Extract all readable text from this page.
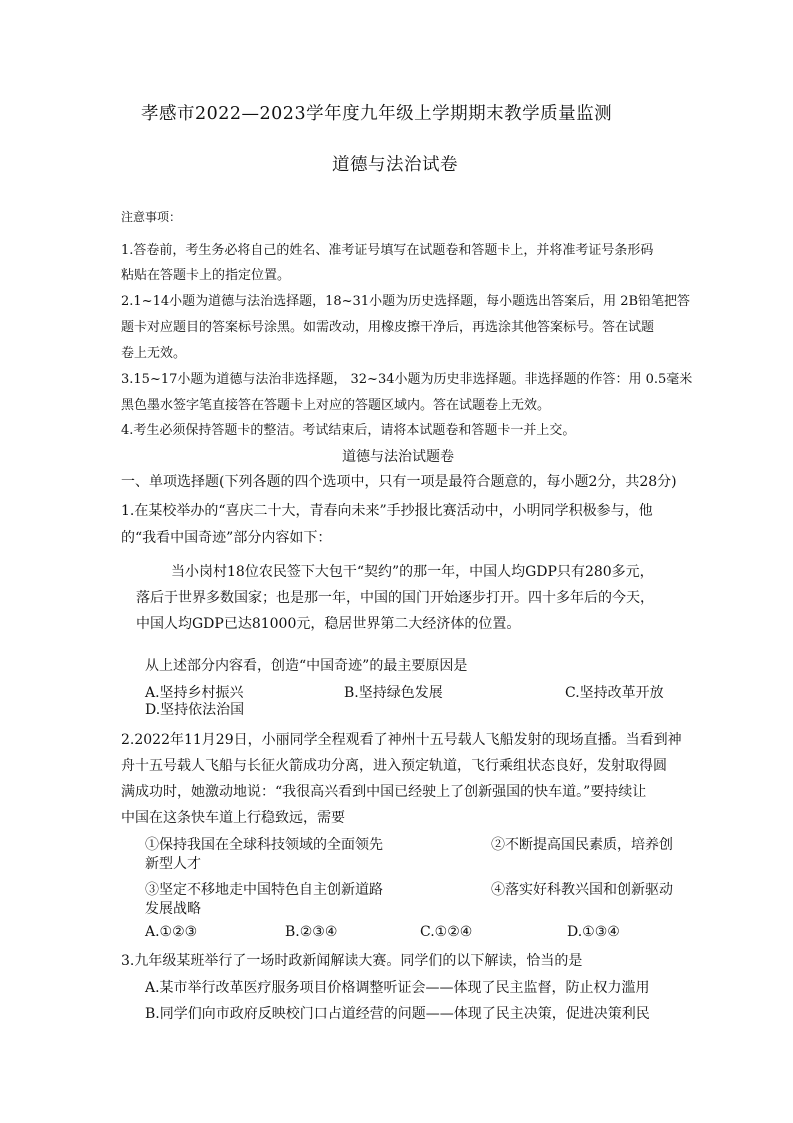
孝感市2022—2023学年度九年级上学期期末教学质量监测
道德与法治试卷
注意事项：
1.答卷前，考生务必将自己的姓名、准考证号填写在试题卷和答题卡上，并将准考证号条形码
粘贴在答题卡上的指定位置。
2.1~14小题为道德与法治选择题，18~31小题为历史选择题，每小题选出答案后，用 2B铅笔把答
题卡对应题目的答案标号涂黑。如需改动，用橡皮擦干净后，再选涂其他答案标号。答在试题
卷上无效。
3.15~17小题为道德与法治非选择题， 32~34小题为历史非选择题。非选择题的作答：用 0.5毫米
黑色墨水签字笔直接答在答题卡上对应的答题区域内。答在试题卷上无效。
4.考生必须保持答题卡的整洁。考试结束后，请将本试题卷和答题卡一并上交。
道德与法治试题卷
一、单项选择题(下列各题的四个选项中，只有一项是最符合题意的，每小题2分，共28分)
1.在某校举办的“喜庆二十大，青春向未来”手抄报比赛活动中，小明同学积极参与，他
的“我看中国奇迹”部分内容如下：
当小岗村18位农民签下大包干“契约”的那一年，中国人均GDP只有280多元，
落后于世界多数国家；也是那一年，中国的国门开始逐步打开。四十多年后的今天，
中国人均GDP已达81000元，稳居世界第二大经济体的位置。
从上述部分内容看，创造“中国奇迹”的最主要原因是
A.坚持乡村振兴	B.坚持绿色发展	C.坚持改革开放
D.坚持依法治国
2.2022年11月29日，小丽同学全程观看了神州十五号载人飞船发射的现场直播。当看到神
舟十五号载人飞船与长征火箭成功分离，进入预定轨道，飞行乘组状态良好，发射取得圆
满成功时，她激动地说：“我很高兴看到中国已经驶上了创新强国的快车道。”要持续让
中国在这条快车道上行稳致远，需要
①保持我国在全球科技领域的全面领先	②不断提高国民素质，培养创
新型人才
③坚定不移地走中国特色自主创新道路	④落实好科教兴国和创新驱动
发展战略
A.①②③	B.②③④	C.①②④	D.①③④
3.九年级某班举行了一场时政新闻解读大赛。同学们的以下解读，恰当的是
A.某市举行改革医疗服务项目价格调整听证会——体现了民主监督，防止权力滥用
B.同学们向市政府反映校门口占道经营的问题——体现了民主决策，促进决策利民
